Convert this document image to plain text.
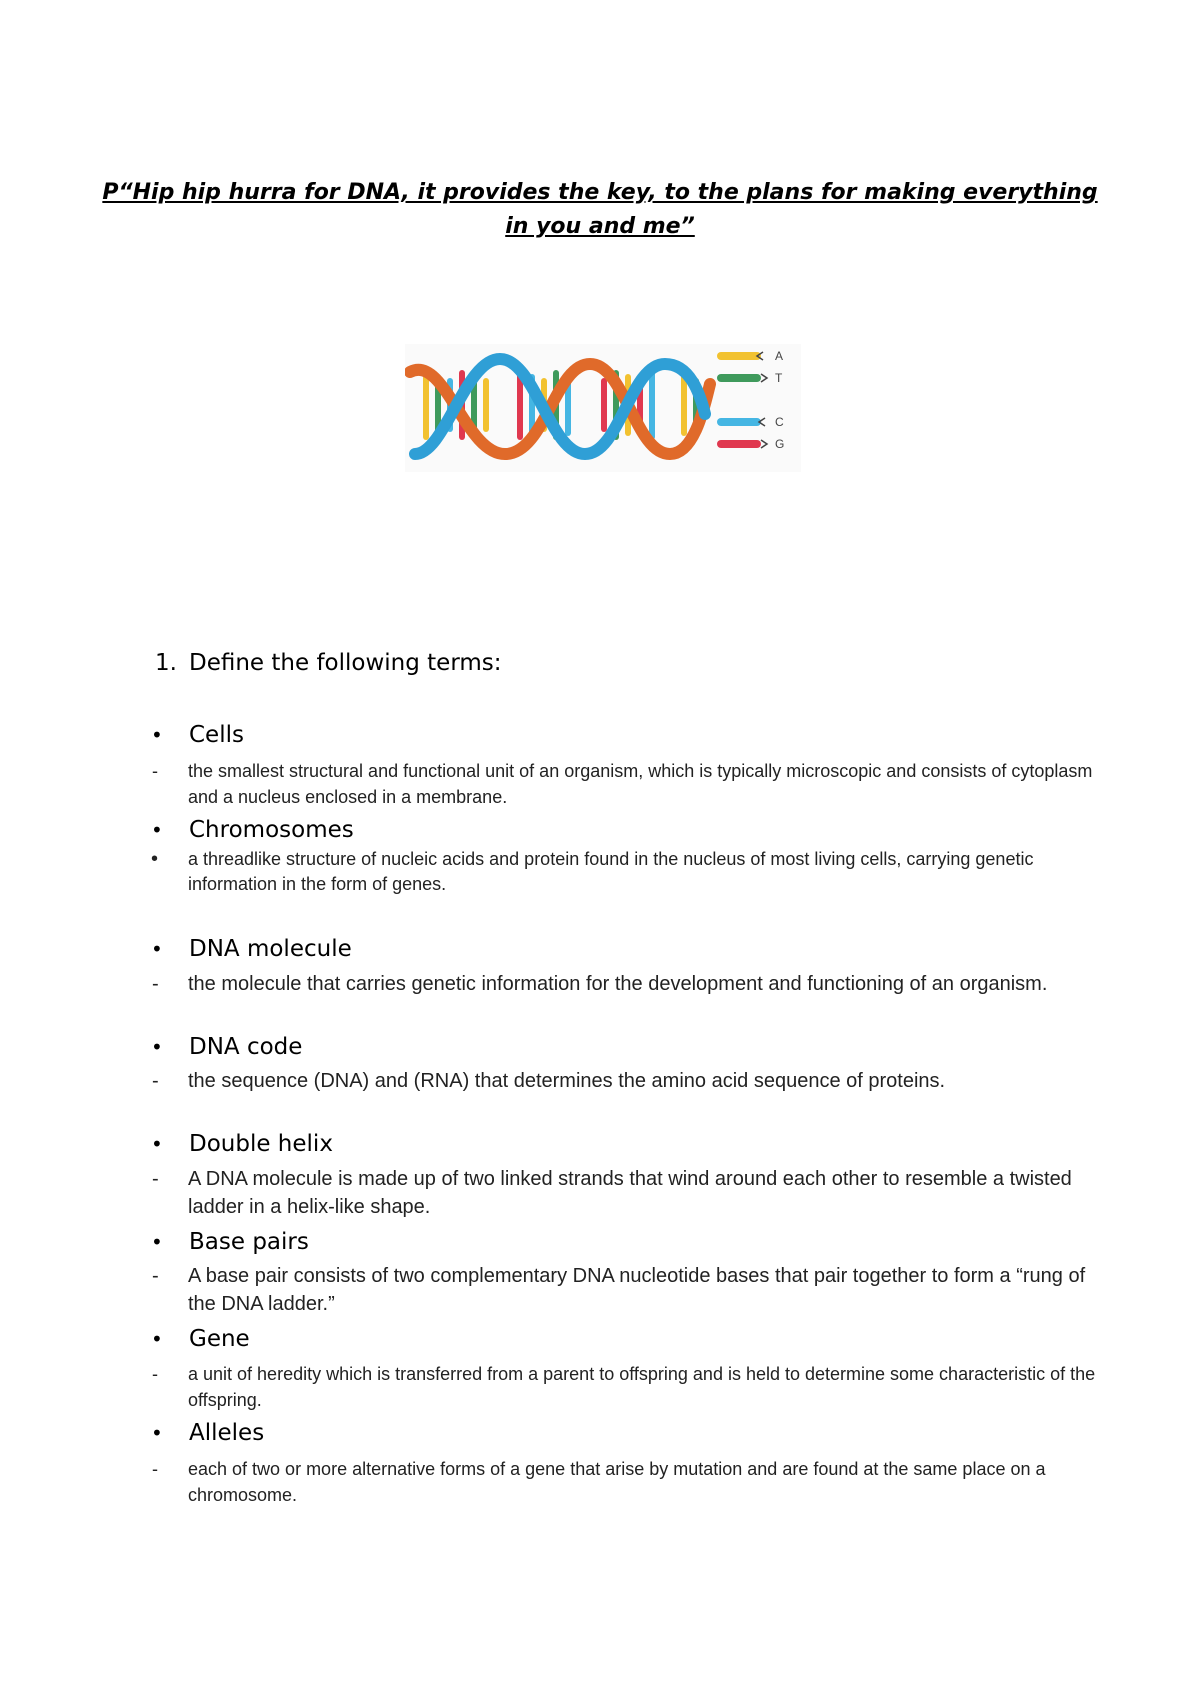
P“Hip hip hurra for DNA, it provides the key, to the plans for making everything in you and me”
A
T
C
G
1. Define the following terms:
• Cells
- the smallest structural and functional unit of an organism, which is typically microscopic and consists of cytoplasm and a nucleus enclosed in a membrane.
• Chromosomes
• a threadlike structure of nucleic acids and protein found in the nucleus of most living cells, carrying genetic information in the form of genes.
• DNA molecule
- the molecule that carries genetic information for the development and functioning of an organism.
• DNA code
- the sequence (DNA) and (RNA) that determines the amino acid sequence of proteins.
• Double helix
- A DNA molecule is made up of two linked strands that wind around each other to resemble a twisted ladder in a helix-like shape.
• Base pairs
- A base pair consists of two complementary DNA nucleotide bases that pair together to form a “rung of the DNA ladder.”
• Gene
- a unit of heredity which is transferred from a parent to offspring and is held to determine some characteristic of the offspring.
• Alleles
- each of two or more alternative forms of a gene that arise by mutation and are found at the same place on a chromosome.
